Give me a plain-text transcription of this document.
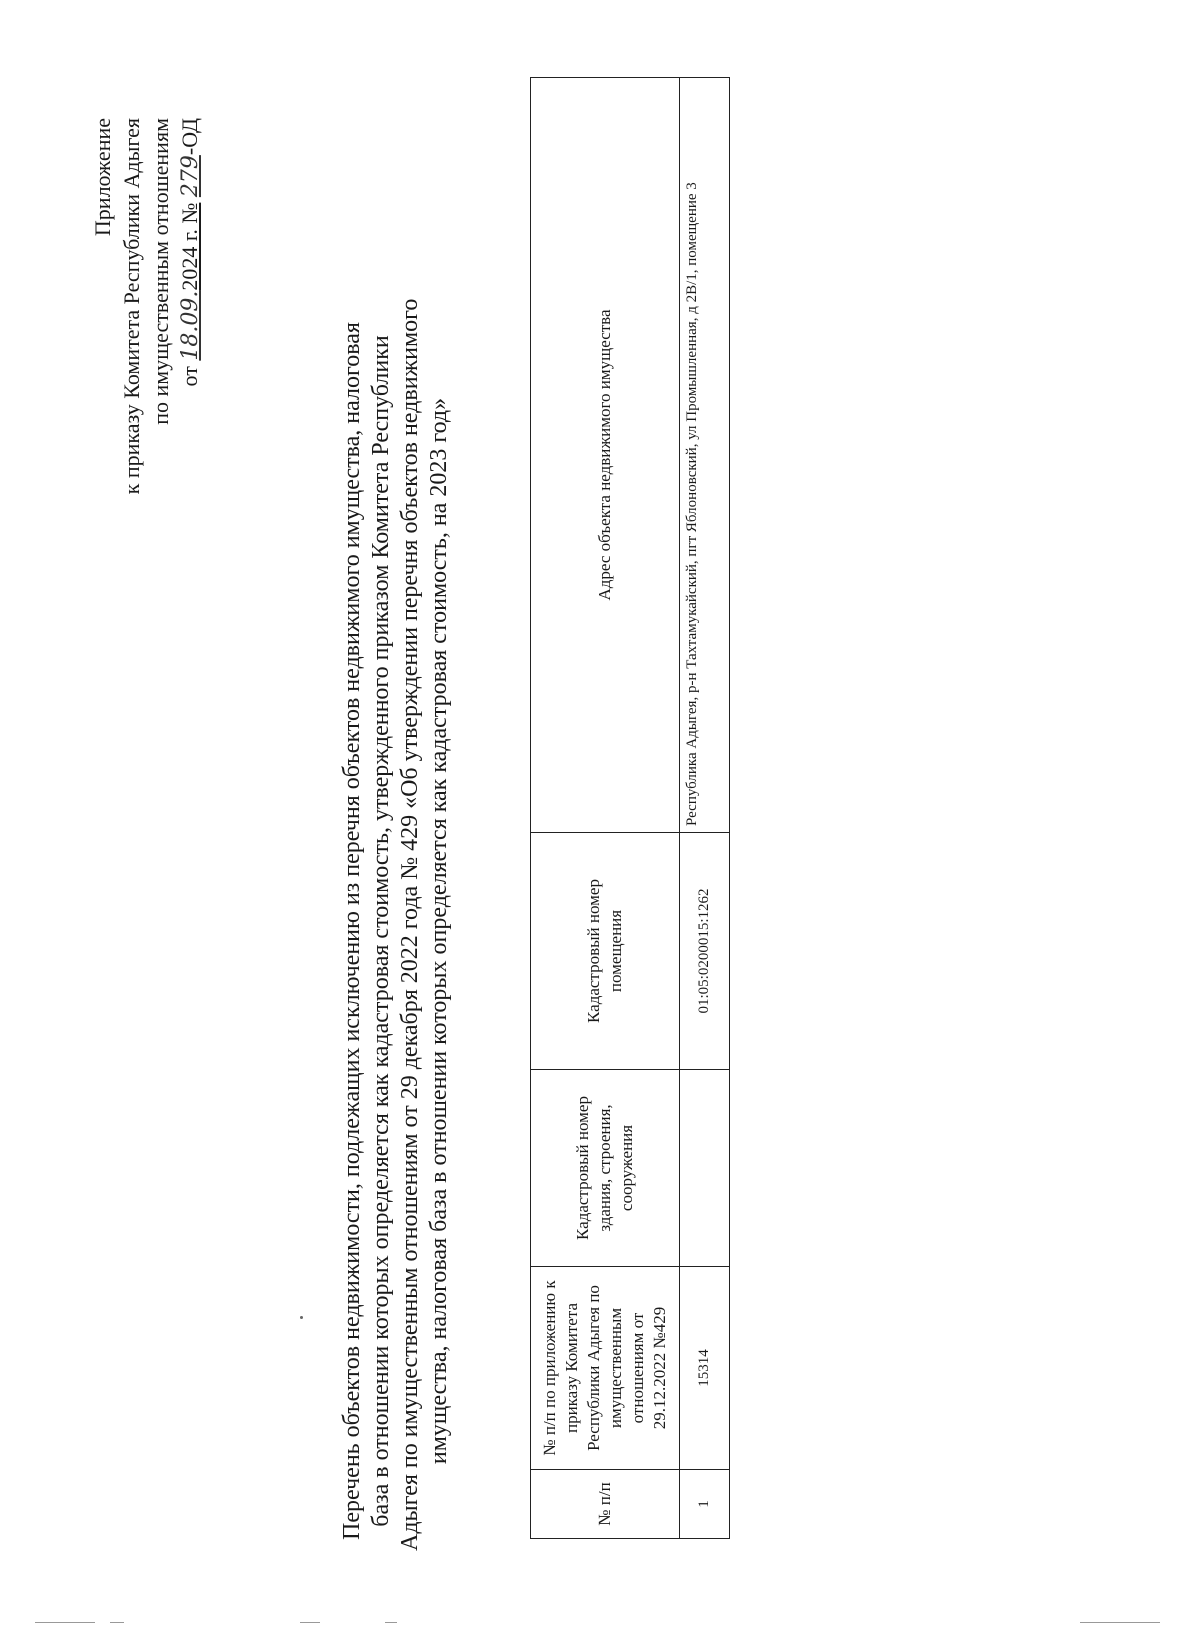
Приложение к приказу Комитета Республики Адыгея по имущественным отношениям от 18.09.2024 г. № 279-ОД
Перечень объектов недвижимости, подлежащих исключению из перечня объектов недвижимого имущества, налоговая база в отношении которых определяется как кадастровая стоимость, утвержденного приказом Комитета Республики Адыгея по имущественным отношениям от 29 декабря 2022 года № 429 «Об утверждении перечня объектов недвижимого имущества, налоговая база в отношении которых определяется как кадастровая стоимость, на 2023 год»
№ п/п	№ п/п по приложению к приказу Комитета Республики Адыгея по имущественным отношениям от 29.12.2022 №429	Кадастровый номер здания, строения, сооружения	Кадастровый номер помещения	Адрес объекта недвижимого имущества
1	15314		01:05:0200015:1262	Республика Адыгея, р-н Тахтамукайский, пгт Яблоновский, ул Промышленная, д 2В/1, помещение 3
